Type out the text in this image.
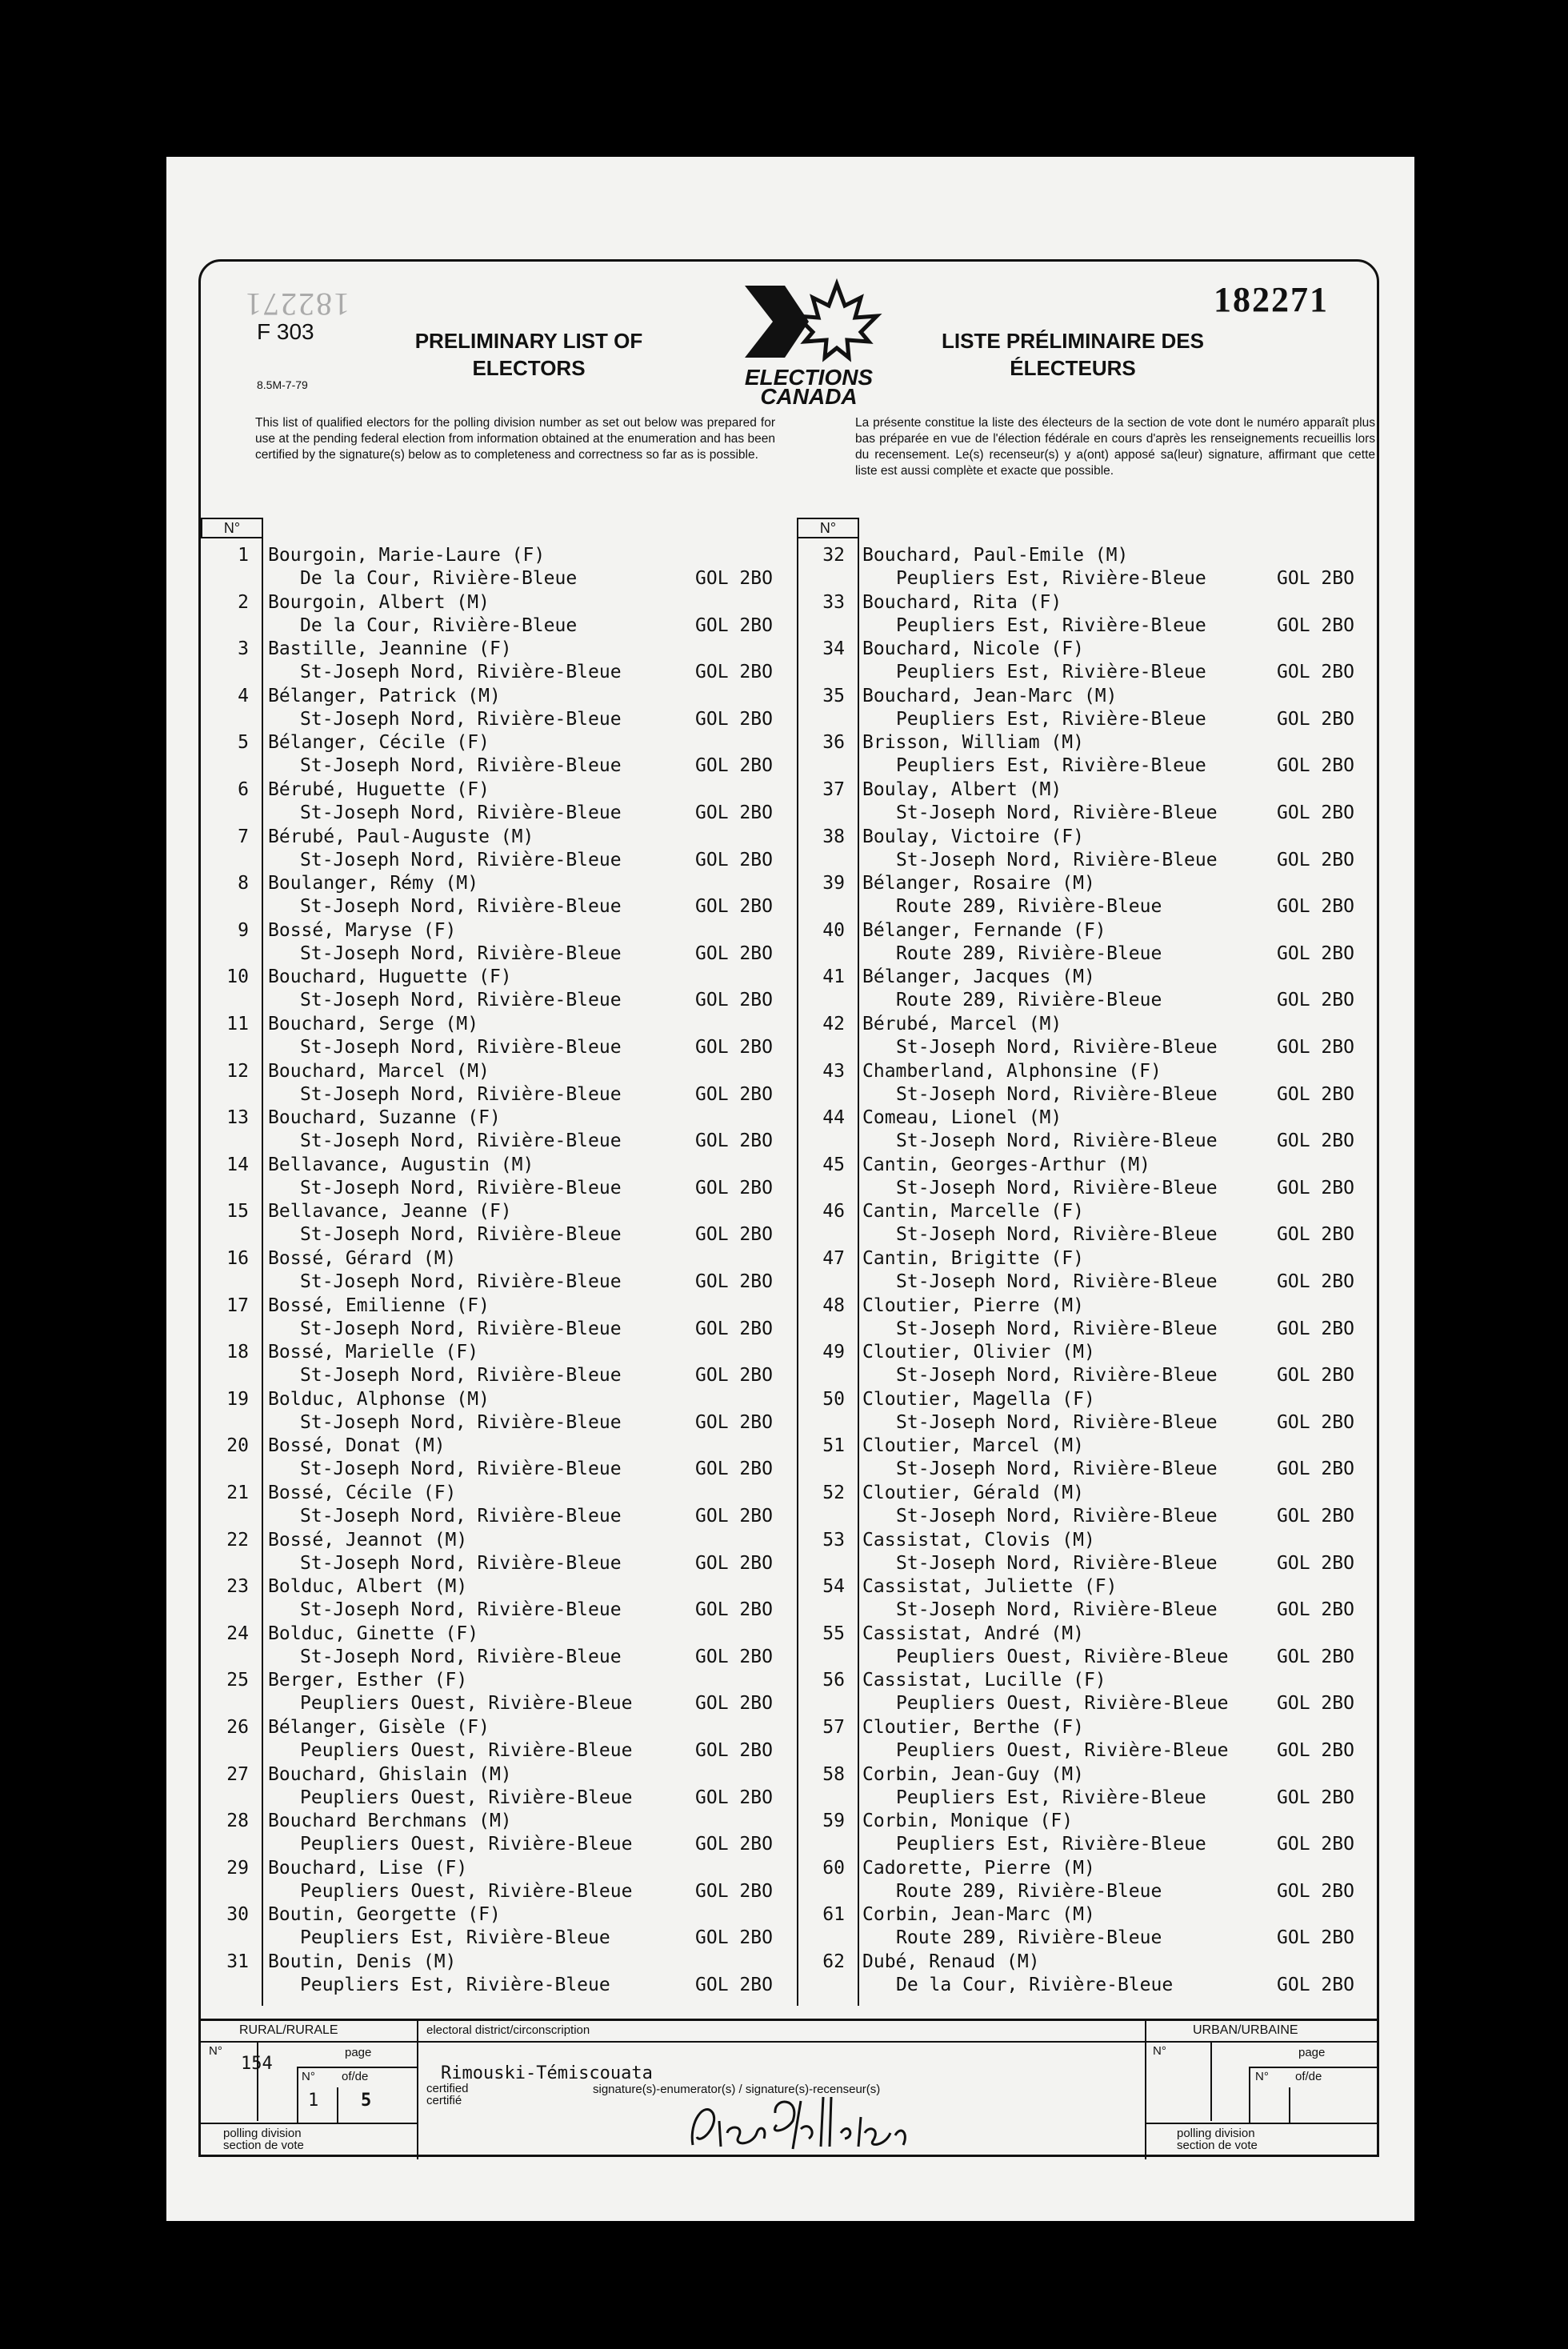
182271
F 303
8.5M-7-79
PRELIMINARY LIST OF ELECTORS	ELECTIONS
CANADA
LISTE PRÉLIMINAIRE DES ÉLECTEURS
182271
This list of qualified electors for the polling division number as set out below was prepared for use at the pending federal election from information obtained at the enumeration and has been certified by the signature(s) below as to completeness and correctness so far as is possible.
La présente constitue la liste des électeurs de la section de vote dont le numéro apparaît plus bas préparée en vue de l'élection fédérale en cours d'après les renseignements recueillis lors du recensement. Le(s) recenseur(s) y a(ont) apposé sa(leur) signature, affirmant que cette liste est aussi complète et exacte que possible.
N°	N°
1 Bourgoin, Marie-Laure (F)
De la Cour, Rivière-Bleue	GOL 2BO
2 Bourgoin, Albert (M)
De la Cour, Rivière-Bleue	GOL 2BO
3 Bastille, Jeannine (F)
St-Joseph Nord, Rivière-Bleue	GOL 2BO
4 Bélanger, Patrick (M)
St-Joseph Nord, Rivière-Bleue	GOL 2BO
5 Bélanger, Cécile (F)
St-Joseph Nord, Rivière-Bleue	GOL 2BO
6 Bérubé, Huguette (F)
St-Joseph Nord, Rivière-Bleue	GOL 2BO
7 Bérubé, Paul-Auguste (M)
St-Joseph Nord, Rivière-Bleue	GOL 2BO
8 Boulanger, Rémy (M)
St-Joseph Nord, Rivière-Bleue	GOL 2BO
9 Bossé, Maryse (F)
St-Joseph Nord, Rivière-Bleue	GOL 2BO
10 Bouchard, Huguette (F)
St-Joseph Nord, Rivière-Bleue	GOL 2BO
11 Bouchard, Serge (M)
St-Joseph Nord, Rivière-Bleue	GOL 2BO
12 Bouchard, Marcel (M)
St-Joseph Nord, Rivière-Bleue	GOL 2BO
13 Bouchard, Suzanne (F)
St-Joseph Nord, Rivière-Bleue	GOL 2BO
14 Bellavance, Augustin (M)
St-Joseph Nord, Rivière-Bleue	GOL 2BO
15 Bellavance, Jeanne (F)
St-Joseph Nord, Rivière-Bleue	GOL 2BO
16 Bossé, Gérard (M)
St-Joseph Nord, Rivière-Bleue	GOL 2BO
17 Bossé, Emilienne (F)
St-Joseph Nord, Rivière-Bleue	GOL 2BO
18 Bossé, Marielle (F)
St-Joseph Nord, Rivière-Bleue	GOL 2BO
19 Bolduc, Alphonse (M)
St-Joseph Nord, Rivière-Bleue	GOL 2BO
20 Bossé, Donat (M)
St-Joseph Nord, Rivière-Bleue	GOL 2BO
21 Bossé, Cécile (F)
St-Joseph Nord, Rivière-Bleue	GOL 2BO
22 Bossé, Jeannot (M)
St-Joseph Nord, Rivière-Bleue	GOL 2BO
23 Bolduc, Albert (M)
St-Joseph Nord, Rivière-Bleue	GOL 2BO
24 Bolduc, Ginette (F)
St-Joseph Nord, Rivière-Bleue	GOL 2BO
25 Berger, Esther (F)
Peupliers Ouest, Rivière-Bleue	GOL 2BO
26 Bélanger, Gisèle (F)
Peupliers Ouest, Rivière-Bleue	GOL 2BO
27 Bouchard, Ghislain (M)
Peupliers Ouest, Rivière-Bleue	GOL 2BO
28 Bouchard Berchmans (M)
Peupliers Ouest, Rivière-Bleue	GOL 2BO
29 Bouchard, Lise (F)
Peupliers Ouest, Rivière-Bleue	GOL 2BO
30 Boutin, Georgette (F)
Peupliers Est, Rivière-Bleue	GOL 2BO
31 Boutin, Denis (M)
Peupliers Est, Rivière-Bleue	GOL 2BO
32 Bouchard, Paul-Emile (M)
Peupliers Est, Rivière-Bleue	GOL 2BO
33 Bouchard, Rita (F)
Peupliers Est, Rivière-Bleue	GOL 2BO
34 Bouchard, Nicole (F)
Peupliers Est, Rivière-Bleue	GOL 2BO
35 Bouchard, Jean-Marc (M)
Peupliers Est, Rivière-Bleue	GOL 2BO
36 Brisson, William (M)
Peupliers Est, Rivière-Bleue	GOL 2BO
37 Boulay, Albert (M)
St-Joseph Nord, Rivière-Bleue	GOL 2BO
38 Boulay, Victoire (F)
St-Joseph Nord, Rivière-Bleue	GOL 2BO
39 Bélanger, Rosaire (M)
Route 289, Rivière-Bleue	GOL 2BO
40 Bélanger, Fernande (F)
Route 289, Rivière-Bleue	GOL 2BO
41 Bélanger, Jacques (M)
Route 289, Rivière-Bleue	GOL 2BO
42 Bérubé, Marcel (M)
St-Joseph Nord, Rivière-Bleue	GOL 2BO
43 Chamberland, Alphonsine (F)
St-Joseph Nord, Rivière-Bleue	GOL 2BO
44 Comeau, Lionel (M)
St-Joseph Nord, Rivière-Bleue	GOL 2BO
45 Cantin, Georges-Arthur (M)
St-Joseph Nord, Rivière-Bleue	GOL 2BO
46 Cantin, Marcelle (F)
St-Joseph Nord, Rivière-Bleue	GOL 2BO
47 Cantin, Brigitte (F)
St-Joseph Nord, Rivière-Bleue	GOL 2BO
48 Cloutier, Pierre (M)
St-Joseph Nord, Rivière-Bleue	GOL 2BO
49 Cloutier, Olivier (M)
St-Joseph Nord, Rivière-Bleue	GOL 2BO
50 Cloutier, Magella (F)
St-Joseph Nord, Rivière-Bleue	GOL 2BO
51 Cloutier, Marcel (M)
St-Joseph Nord, Rivière-Bleue	GOL 2BO
52 Cloutier, Gérald (M)
St-Joseph Nord, Rivière-Bleue	GOL 2BO
53 Cassistat, Clovis (M)
St-Joseph Nord, Rivière-Bleue	GOL 2BO
54 Cassistat, Juliette (F)
St-Joseph Nord, Rivière-Bleue	GOL 2BO
55 Cassistat, André (M)
Peupliers Ouest, Rivière-Bleue	GOL 2BO
56 Cassistat, Lucille (F)
Peupliers Ouest, Rivière-Bleue	GOL 2BO
57 Cloutier, Berthe (F)
Peupliers Ouest, Rivière-Bleue	GOL 2BO
58 Corbin, Jean-Guy (M)
Peupliers Est, Rivière-Bleue	GOL 2BO
59 Corbin, Monique (F)
Peupliers Est, Rivière-Bleue	GOL 2BO
60 Cadorette, Pierre (M)
Route 289, Rivière-Bleue	GOL 2BO
61 Corbin, Jean-Marc (M)
Route 289, Rivière-Bleue	GOL 2BO
62 Dubé, Renaud (M)
De la Cour, Rivière-Bleue	GOL 2BO
RURAL/RURALE	electoral district/circonscription	URBAN/URBAINE
N°
154
page
N° of/de
1 5
polling division
section de vote
Rimouski-Témiscouata
certified
certifié
signature(s)-enumerator(s) / signature(s)-recenseur(s)
N°	page
N° of/de
polling division
section de vote
